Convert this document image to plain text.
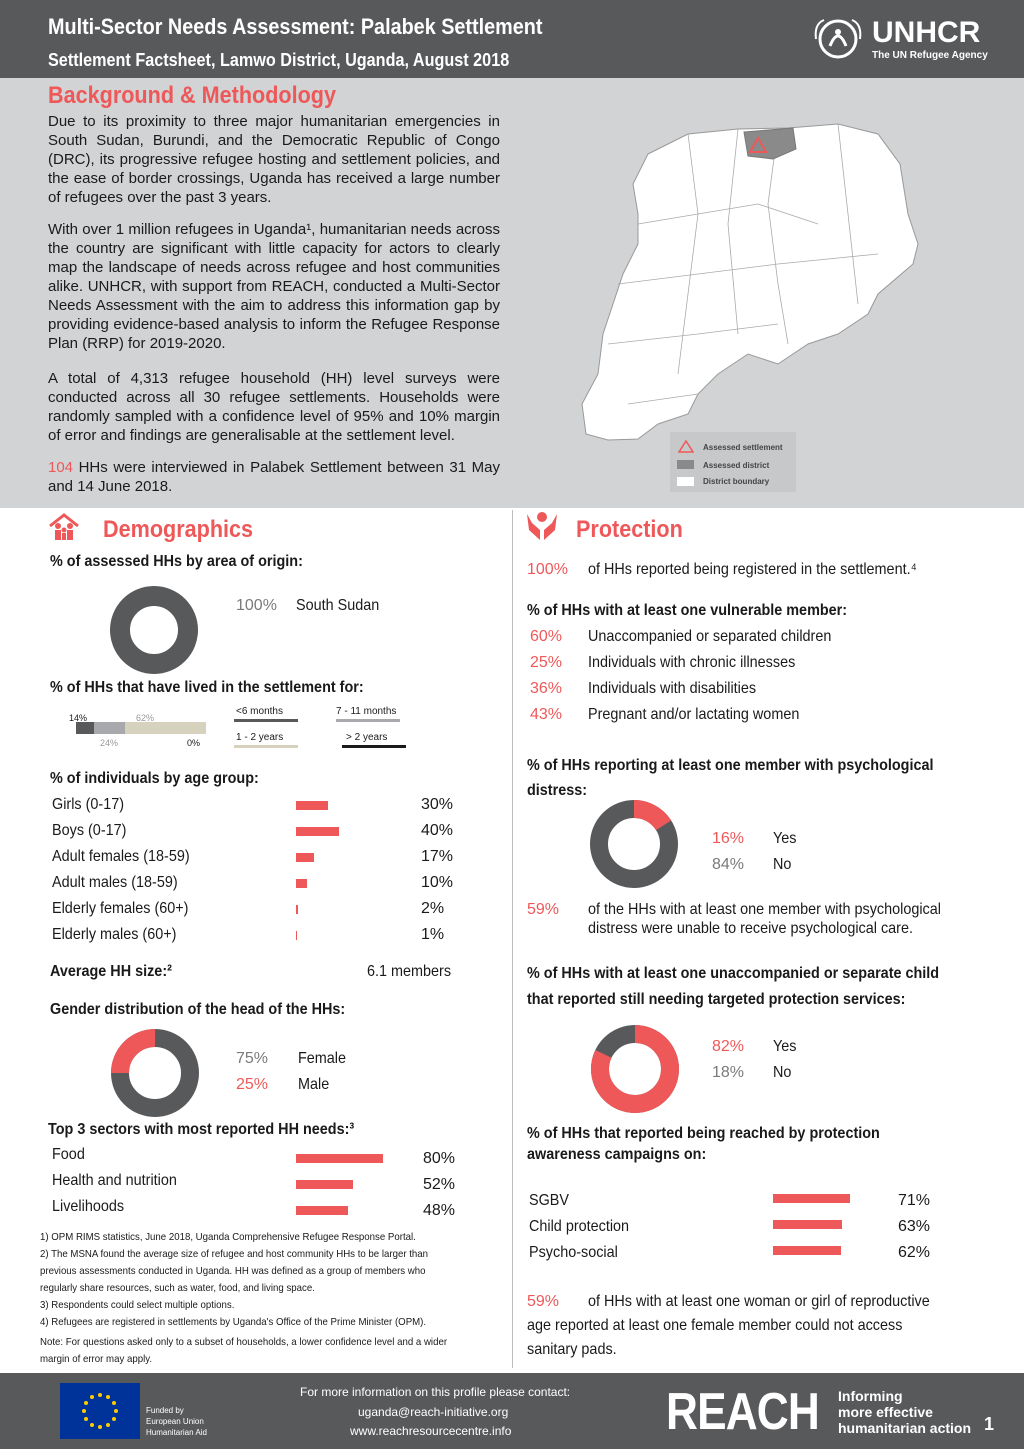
Multi-Sector Needs Assessment: Palabek Settlement
Settlement Factsheet, Lamwo District, Uganda, August 2018
UNHCR
The UN Refugee Agency
Background & Methodology

Due to its proximity to three major humanitarian emergencies in South Sudan, Burundi, and the Democratic Republic of Congo (DRC), its progressive refugee hosting and settlement policies, and the ease of border crossings, Uganda has received a large number of refugees over the past 3 years.

With over 1 million refugees in Uganda¹, humanitarian needs across the country are significant with little capacity for actors to clearly map the landscape of needs across refugee and host communities alike. UNHCR, with support from REACH, conducted a Multi-Sector Needs Assessment with the aim to address this information gap by providing evidence-based analysis to inform the Refugee Response Plan (RRP) for 2019-2020.

A total of 4,313 refugee household (HH) level surveys were conducted across all 30 refugee settlements. Households were randomly sampled with a confidence level of 95% and 10% margin of error and findings are generalisable at the settlement level.

104 HHs were interviewed in Palabek Settlement between 31 May and 14 June 2018.

Assessed settlement
Assessed district
District boundary
Demographics
% of assessed HHs by area of origin:
100% South Sudan
% of HHs that have lived in the settlement for:
14%
24%
62%
0%
<6 months	7 - 11 months
1 - 2 years	> 2 years
% of individuals by age group:
Girls (0-17)	30%
Boys (0-17)	40%
Adult females (18-59)	17%
Adult males (18-59)	10%
Elderly females (60+)	2%
Elderly males (60+)	1%
Average HH size:²	6.1 members
Gender distribution of the head of the HHs:
75% Female
25% Male
Top 3 sectors with most reported HH needs:³
Food	80%
Health and nutrition	52%
Livelihoods	48%
1) OPM RIMS statistics, June 2018, Uganda Comprehensive Refugee Response Portal.
2) The MSNA found the average size of refugee and host community HHs to be larger than
previous assessments conducted in Uganda. HH was defined as a group of members who
regularly share resources, such as water, food, and living space.
3) Respondents could select multiple options.
4) Refugees are registered in settlements by Uganda's Office of the Prime Minister (OPM).
Note: For questions asked only to a subset of households, a lower confidence level and a wider
margin of error may apply.
Protection
100% of HHs reported being registered in the settlement.⁴
% of HHs with at least one vulnerable member:
60% Unaccompanied or separated children
25% Individuals with chronic illnesses
36% Individuals with disabilities
43% Pregnant and/or lactating women
% of HHs reporting at least one member with psychological
distress:
16% Yes
84% No
59% of the HHs with at least one member with psychological
distress were unable to receive psychological care.
% of HHs with at least one unaccompanied or separate child
that reported still needing targeted protection services:
82% Yes
18% No
% of HHs that reported being reached by protection
awareness campaigns on:
SGBV	71%
Child protection	63%
Psycho-social	62%
59% of HHs with at least one woman or girl of reproductive
age reported at least one female member could not access
sanitary pads.
Funded by
European Union
Humanitarian Aid
For more information on this profile please contact:
uganda@reach-initiative.org
www.reachresourcecentre.info	REACH Informing
more effective
humanitarian action 1
